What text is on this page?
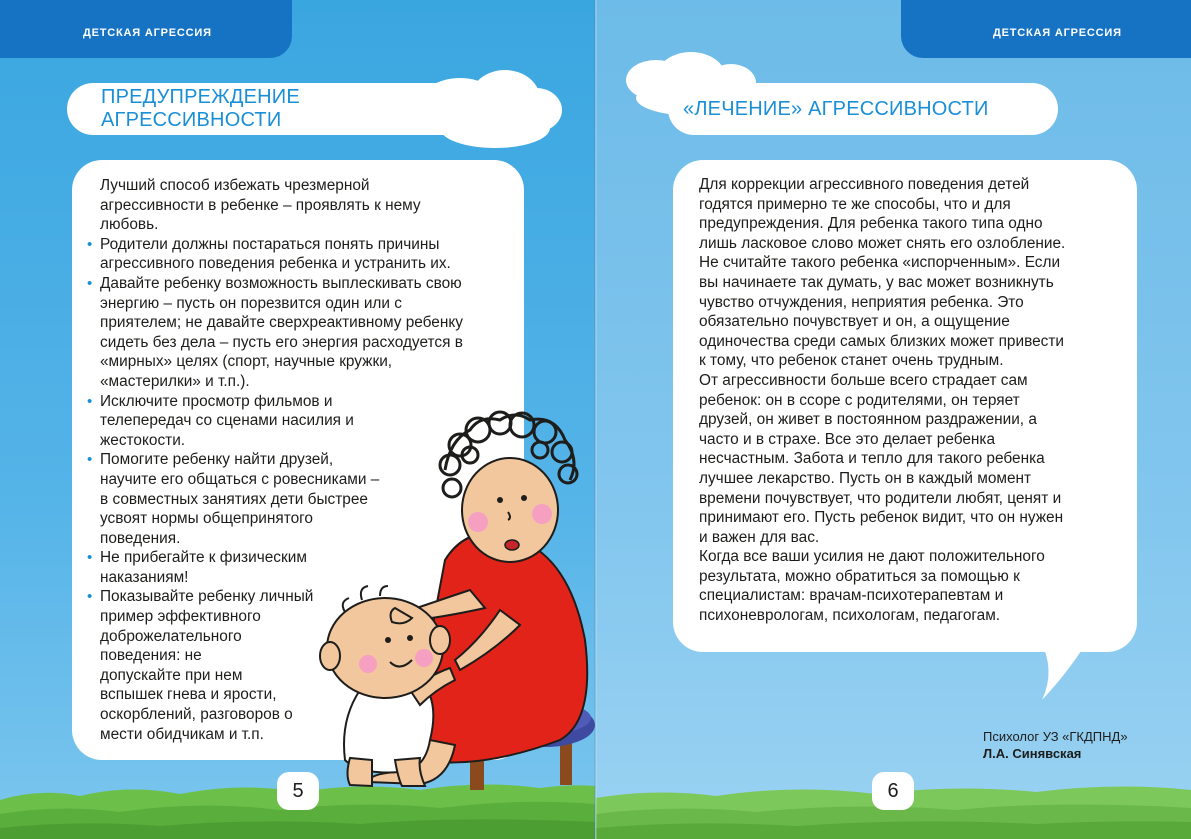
ДЕТСКАЯ АГРЕССИЯ
ПРЕДУПРЕЖДЕНИЕ АГРЕССИВНОСТИ
ДЕТСКАЯ АГРЕССИЯ
«ЛЕЧЕНИЕ» АГРЕССИВНОСТИ

Лучший способ избежать чрезмерной

агрессивности в ребенке – проявлять к нему

любовь.

• Родители должны постараться понять причины

агрессивного поведения ребенка и устранить их.

• Давайте ребенку возможность выплескивать свою

энергию – пусть он порезвится один или с

приятелем; не давайте сверхреактивному ребенку

сидеть без дела – пусть его энергия расходуется в

«мирных» целях (спорт, научные кружки,

«мастерилки» и т.п.).

• Исключите просмотр фильмов и

телепередач со сценами насилия и

жестокости.

• Помогите ребенку найти друзей,

научите его общаться с ровесниками –

в совместных занятиях дети быстрее

усвоят нормы общепринятого

поведения.

• Не прибегайте к физическим

наказаниям!

• Показывайте ребенку личный

пример эффективного

доброжелательного

поведения: не

допускайте при нем

вспышек гнева и ярости,

оскорблений, разговоров о

мести обидчикам и т.п.

Для коррекции агрессивного поведения детей

годятся примерно те же способы, что и для

предупреждения. Для ребенка такого типа одно

лишь ласковое слово может снять его озлобление.

Не считайте такого ребенка «испорченным». Если

вы начинаете так думать, у вас может возникнуть

чувство отчуждения, неприятия ребенка. Это

обязательно почувствует и он, а ощущение

одиночества среди самых близких может привести

к тому, что ребенок станет очень трудным.

От агрессивности больше всего страдает сам

ребенок: он в ссоре с родителями, он теряет

друзей, он живет в постоянном раздражении, а

часто и в страхе. Все это делает ребенка

несчастным. Забота и тепло для такого ребенка

лучшее лекарство. Пусть он в каждый момент

времени почувствует, что родители любят, ценят и

принимают его. Пусть ребенок видит, что он нужен

и важен для вас.

Когда все ваши усилия не дают положительного

результата, можно обратиться за помощью к

специалистам: врачам-психотерапевтам и

психоневрологам, психологам, педагогам.

Психолог УЗ «ГКДПНД»
Л.А. Синявская
5	6
